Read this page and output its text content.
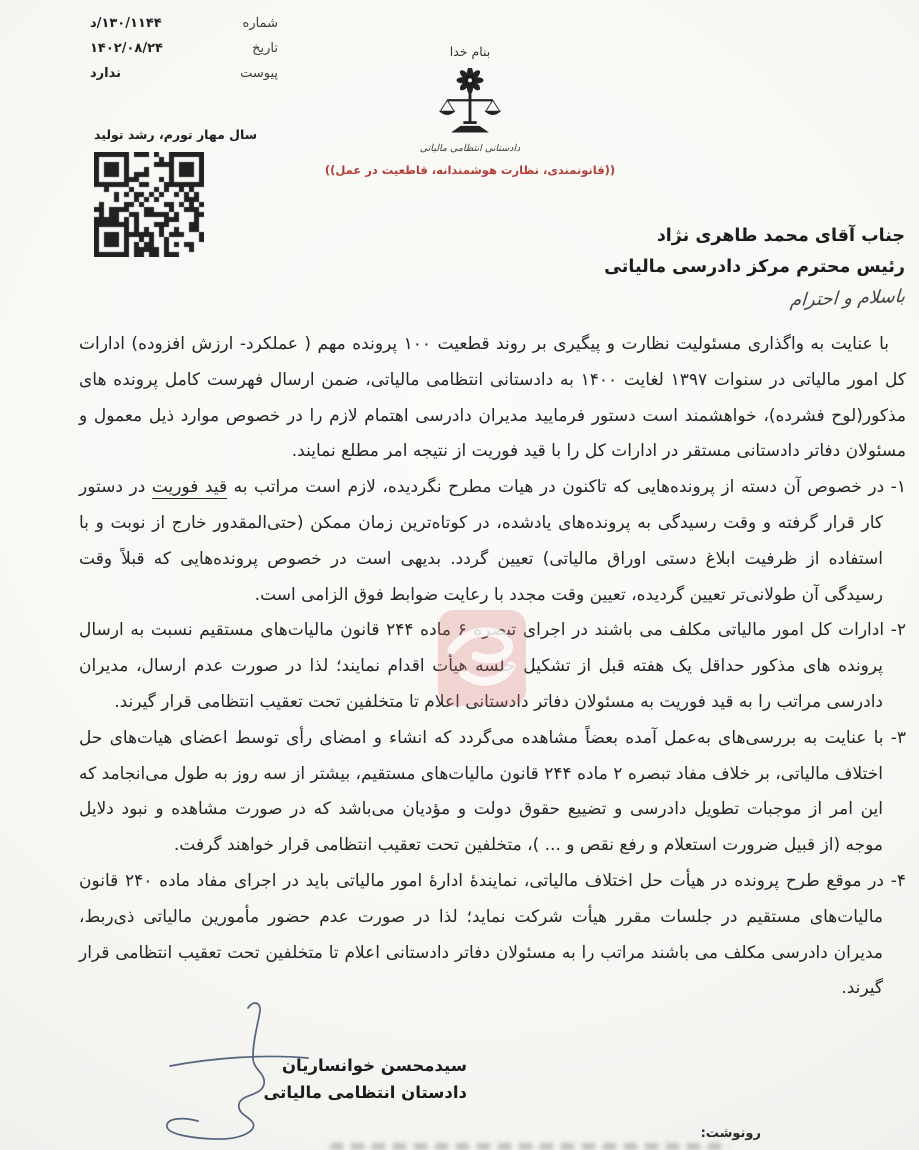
شماره
۱۳۰/۱۱۴۴/د
تاریخ
۱۴۰۲/۰۸/۲۴
پیوست
ندارد
سال مهار تورم، رشد تولید
بنام خدا
دادستانی انتظامی مالیاتی
((قانونمندی، نظارت هوشمندانه، قاطعیت در عمل))
جناب آقای محمد طاهری نژاد
رئیس محترم مرکز دادرسی مالیاتی
باسلام و احترام

با عنایت به واگذاری مسئولیت نظارت و پیگیری بر روند قطعیت ۱۰۰ پرونده مهم ( عملکرد- ارزش افزوده) ادارات کل امور مالیاتی در سنوات ۱۳۹۷ لغایت ۱۴۰۰ به دادستانی انتظامی مالیاتی، ضمن ارسال فهرست کامل پرونده های مذکور(لوح فشرده)، خواهشمند است دستور فرمایید مدیران دادرسی اهتمام لازم را در خصوص موارد ذیل معمول و مسئولان دفاتر دادستانی مستقر در ادارات کل را با قید فوریت از نتیجه امر مطلع نمایند.

۱- در خصوص آن دسته از پرونده‌هایی که تاکنون در هیات مطرح نگردیده، لازم است مراتب به قید فوریت در دستور کار قرار گرفته و وقت رسیدگی به پرونده‌های یادشده، در کوتاه‌ترین زمان ممکن (حتی‌المقدور خارج از نوبت و با استفاده از ظرفیت ابلاغ دستی اوراق مالیاتی) تعیین گردد. بدیهی است در خصوص پرونده‌هایی که قبلاً وقت رسیدگی آن طولانی‌تر تعیین گردیده، تعیین وقت مجدد با رعایت ضوابط فوق الزامی است.

۲- ادارات کل امور مالیاتی مکلف می باشند در اجرای تبصره ۶ ماده ۲۴۴ قانون مالیات‌های مستقیم نسبت به ارسال پرونده های مذکور حداقل یک هفته قبل از تشکیل جلسه هیأت اقدام نمایند؛ لذا در صورت عدم ارسال، مدیران دادرسی مراتب را به قید فوریت به مسئولان دفاتر دادستانی اعلام تا متخلفین تحت تعقیب انتظامی قرار گیرند.

۳- با عنایت به بررسی‌های به‌عمل آمده بعضاً مشاهده می‌گردد که انشاء و امضای رأی توسط اعضای هیات‌های حل اختلاف مالیاتی، بر خلاف مفاد تبصره ۲ ماده ۲۴۴ قانون مالیات‌های مستقیم، بیشتر از سه روز به طول می‌انجامد که این امر از موجبات تطویل دادرسی و تضییع حقوق دولت و مؤدیان می‌باشد که در صورت مشاهده و نبود دلایل موجه (از قبیل ضرورت استعلام و رفع نقص و ... )، متخلفین تحت تعقیب انتظامی قرار خواهند گرفت.

۴- در موقع طرح پرونده در هیأت حل اختلاف مالیاتی، نمایندهٔ ادارهٔ امور مالیاتی باید در اجرای مفاد ماده ۲۴۰ قانون مالیات‌های مستقیم در جلسات مقرر هیأت شرکت نماید؛ لذا در صورت عدم حضور مأمورین مالیاتی ذی‌ربط، مدیران دادرسی مکلف می باشند مراتب را به مسئولان دفاتر دادستانی اعلام تا متخلفین تحت تعقیب انتظامی قرار گیرند.

سیدمحسن خوانساریان
دادستان انتظامی مالیاتی
رونوشت:
